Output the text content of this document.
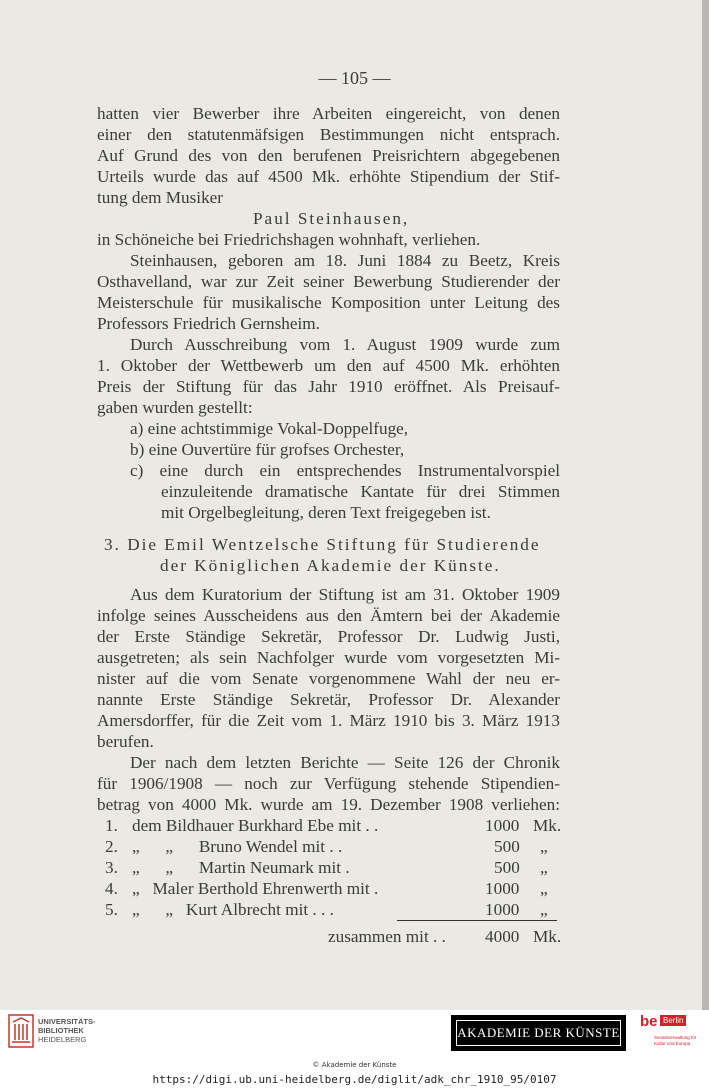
— 105 —
hatten vier Bewerber ihre Arbeiten eingereicht, von denen
einer den statutenmäfsigen Bestimmungen nicht entsprach.
Auf Grund des von den berufenen Preisrichtern abgegebenen
Urteils wurde das auf 4500 Mk. erhöhte Stipendium der Stif-
tung dem Musiker
Paul Steinhausen,
in Schöneiche bei Friedrichshagen wohnhaft, verliehen.
Steinhausen, geboren am 18. Juni 1884 zu Beetz, Kreis
Osthavelland, war zur Zeit seiner Bewerbung Studierender der
Meisterschule für musikalische Komposition unter Leitung des
Professors Friedrich Gernsheim.
Durch Ausschreibung vom 1. August 1909 wurde zum
1. Oktober der Wettbewerb um den auf 4500 Mk. erhöhten
Preis der Stiftung für das Jahr 1910 eröffnet. Als Preisauf-
gaben wurden gestellt:
a) eine achtstimmige Vokal-Doppelfuge,
b) eine Ouvertüre für grofses Orchester,
c) eine durch ein entsprechendes Instrumentalvorspiel
einzuleitende dramatische Kantate für drei Stimmen
mit Orgelbegleitung, deren Text freigegeben ist.
3. Die Emil Wentzelsche Stiftung für Studierende
der Königlichen Akademie der Künste.
Aus dem Kuratorium der Stiftung ist am 31. Oktober 1909
infolge seines Ausscheidens aus den Ämtern bei der Akademie
der Erste Ständige Sekretär, Professor Dr. Ludwig Justi,
ausgetreten; als sein Nachfolger wurde vom vorgesetzten Mi-
nister auf die vom Senate vorgenommene Wahl der neu er-
nannte Erste Ständige Sekretär, Professor Dr. Alexander
Amersdorffer, für die Zeit vom 1. März 1910 bis 3. März 1913
berufen.
Der nach dem letzten Berichte — Seite 126 der Chronik
für 1906/1908 — noch zur Verfügung stehende Stipendien-
betrag von 4000 Mk. wurde am 19. Dezember 1908 verliehen:
1. dem Bildhauer Burkhard Ebe mit . .	1000 Mk.
2. „      „      Bruno Wendel mit . .	500 „
3. „      „      Martin Neumark mit .	500 „
4. „   Maler Berthold Ehrenwerth mit .	1000 „
5. „      „   Kurt Albrecht mit . . .	1000 „
zusammen mit . . 4000 Mk.
UNIVERSITÄTS-
BIBLIOTHEK
HEIDELBERG	AKADEMIE DER KÜNSTE
be Berlin
Senatsverwaltung für Kultur und Europa
© Akademie der Künste
https://digi.ub.uni-heidelberg.de/diglit/adk_chr_1910_95/0107
